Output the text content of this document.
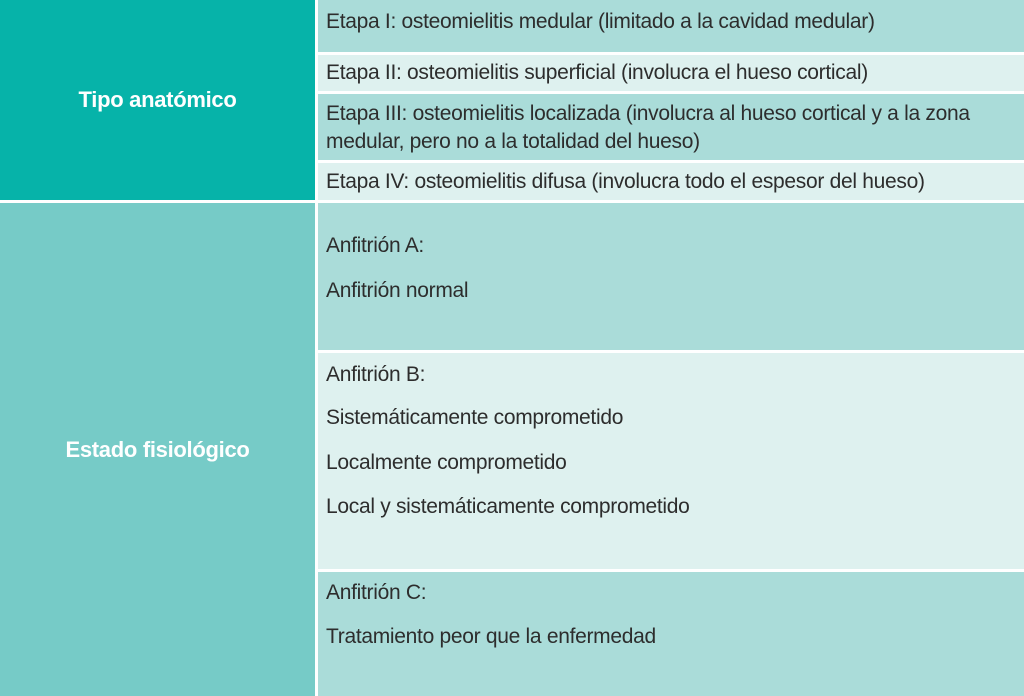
Tipo anatómico

Etapa I: osteomielitis medular (limitado a la cavidad medular)

Etapa II: osteomielitis superficial (involucra el hueso cortical)

Etapa III: osteomielitis localizada (involucra al hueso cortical y a la zona medular, pero no a la totalidad del hueso)

Etapa IV: osteomielitis difusa (involucra todo el espesor del hueso)

Estado fisiológico

Anfitrión A:

Anfitrión normal

Anfitrión B:

Sistemáticamente comprometido

Localmente comprometido

Local y sistemáticamente comprometido

Anfitrión C:

Tratamiento peor que la enfermedad
